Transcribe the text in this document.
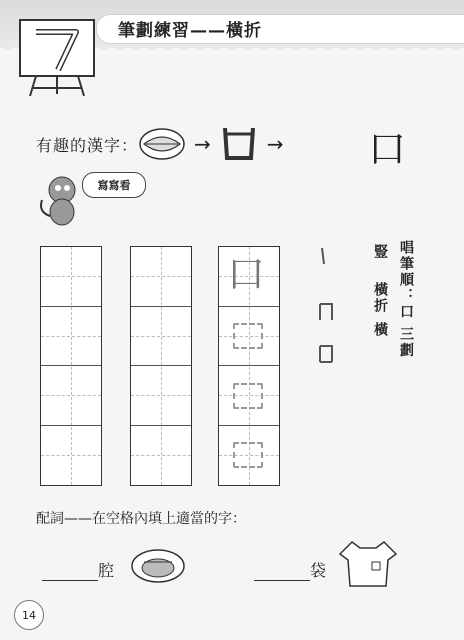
筆劃練習——橫折
有趣的漢字：	→	→ 口
寫寫看
口
	唱筆順：口 三劃
豎
橫折
橫
配詞——在空格內填上適當的字：
腔	袋
14
